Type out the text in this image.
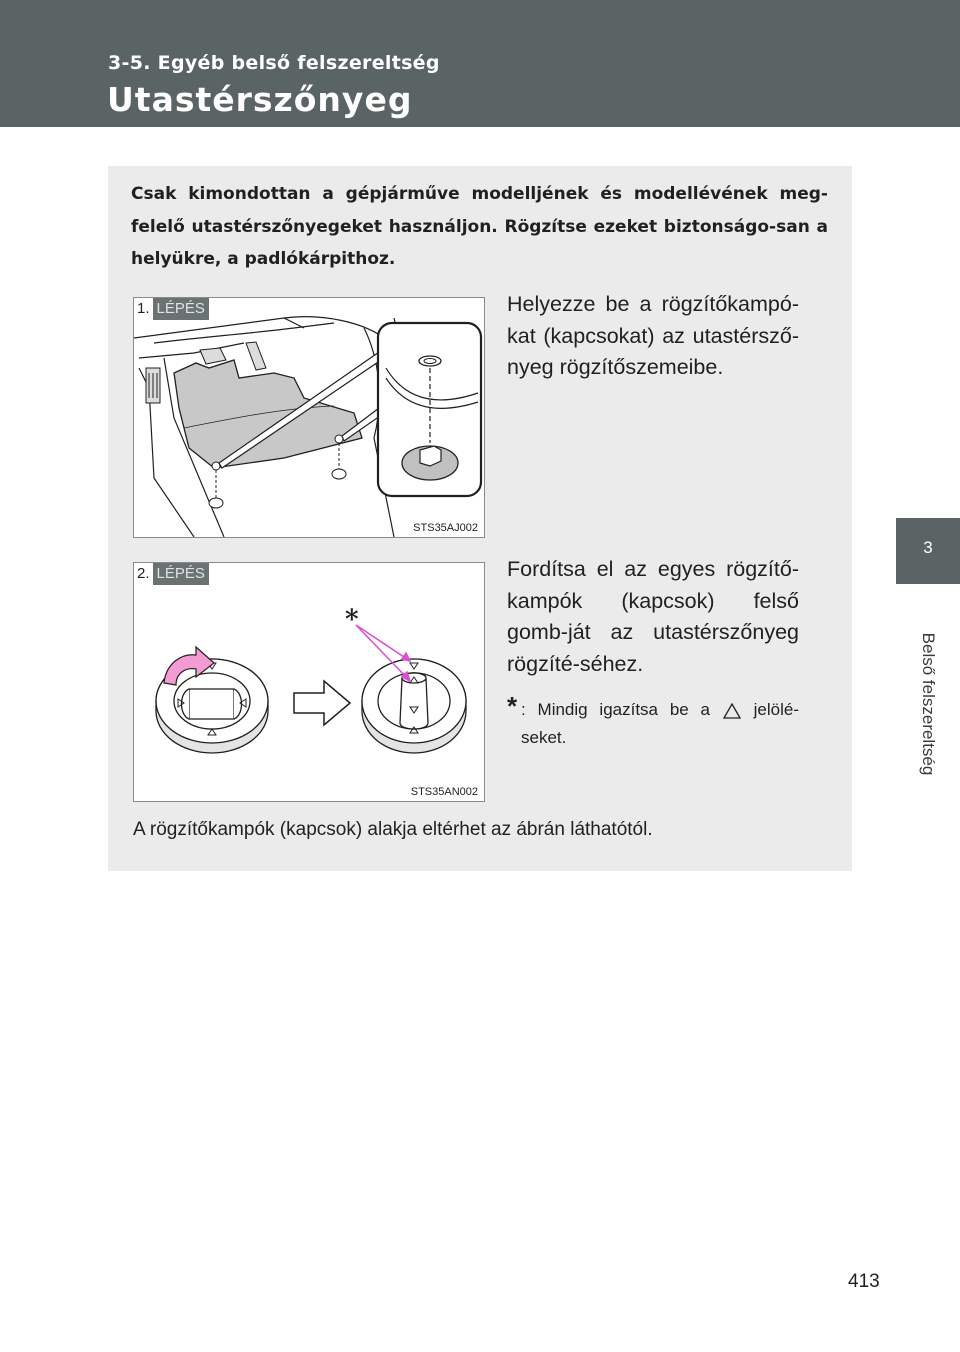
3-5. Egyéb belső felszereltség
Utastérszőnyeg
3
Belső felszereltség

Csak kimondottan a gépjárműve modelljének és modellévének meg-felelő utastérszőnyegeket használjon. Rögzítse ezeket biztonságo-san a helyükre, a padlókárpithoz.

1. LÉPÉS
STS35AJ002

Helyezze be a rögzítőkampó-kat (kapcsokat) az utastérsző-nyeg rögzítőszemeibe.

*
2. LÉPÉS
STS35AN002

Fordítsa el az egyes rögzítő-kampók (kapcsok) felső gomb-ját az utastérszőnyeg rögzíté-séhez.

* : Mindig igazítsa be a	jelölé-seket.
A rögzítőkampók (kapcsok) alakja eltérhet az ábrán láthatótól.
413
